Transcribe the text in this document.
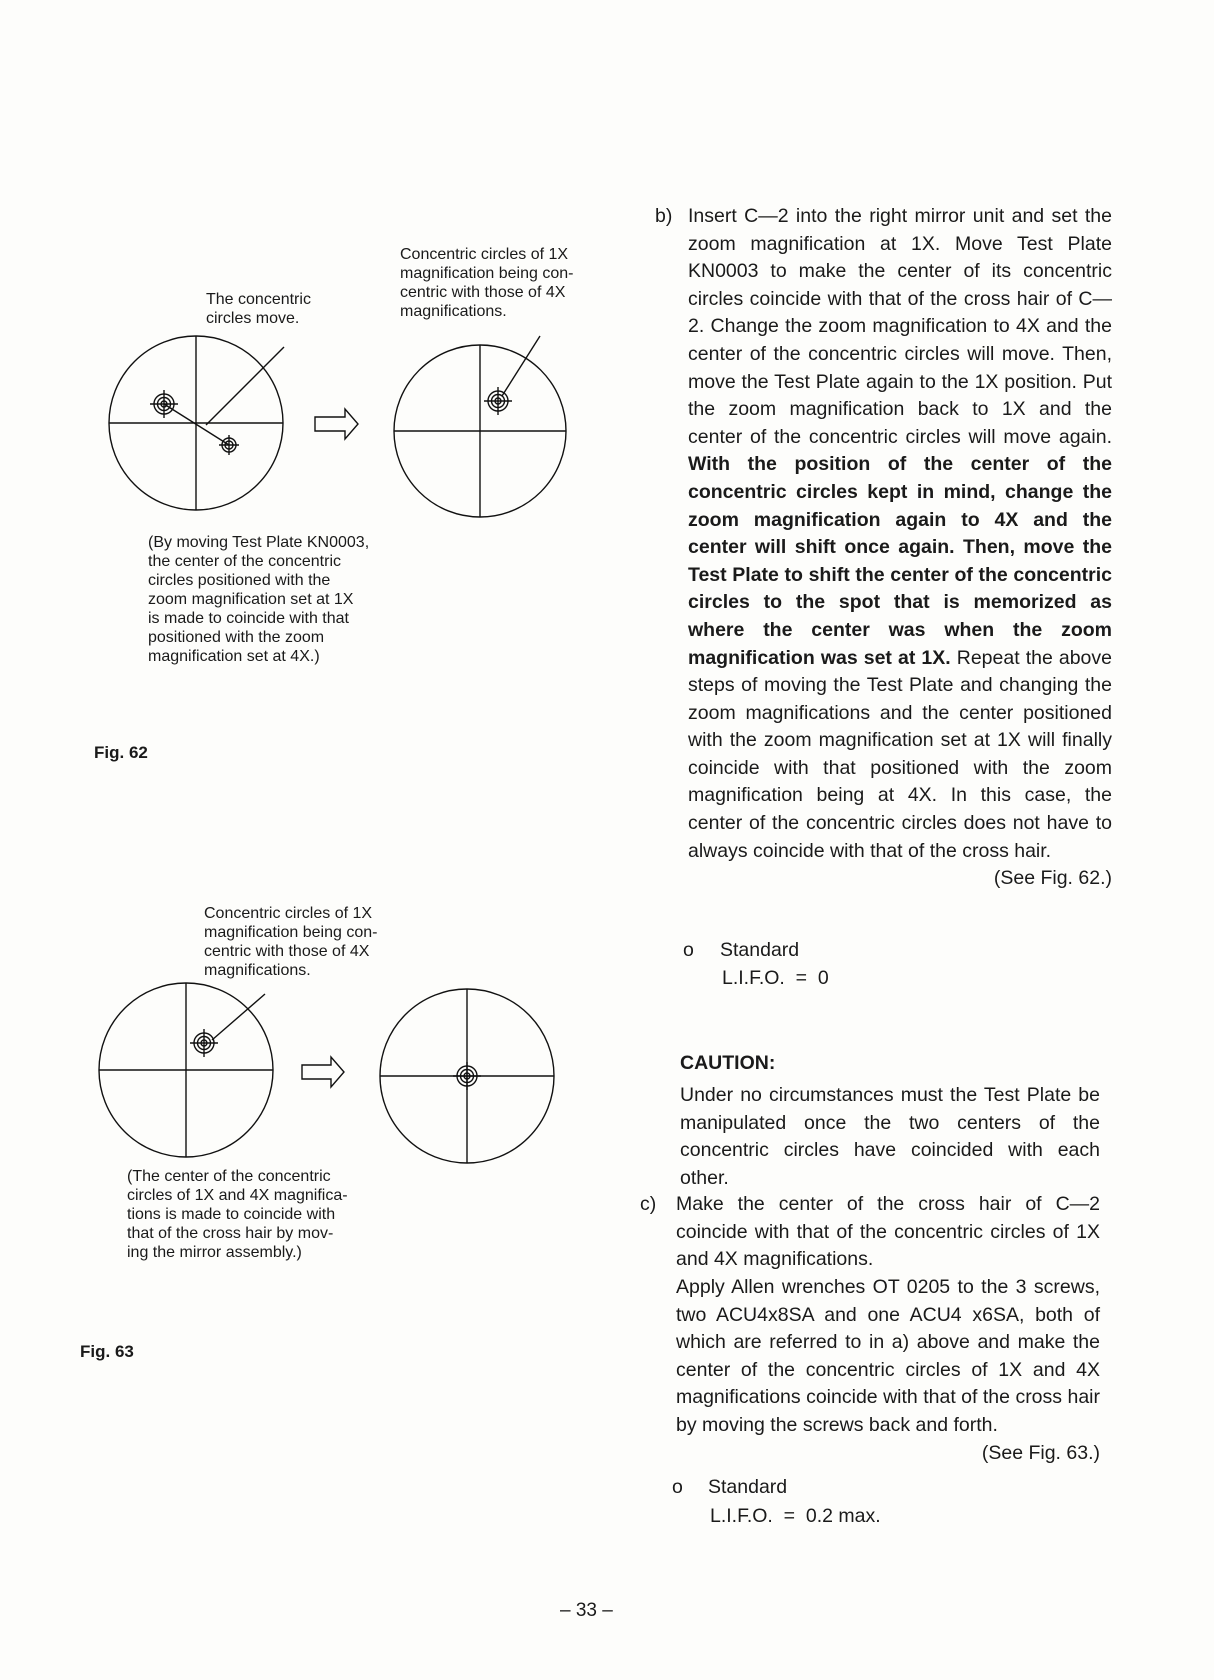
The concentric
circles move.
Concentric circles of 1X
magnification being con-
centric with those of 4X
magnifications.
(By moving Test Plate KN0003,
the center of the concentric
circles positioned with the
zoom magnification set at 1X
is made to coincide with that
positioned with the zoom
magnification set at 4X.)
Fig. 62
Concentric circles of 1X
magnification being con-
centric with those of 4X
magnifications.
(The center of the concentric
circles of 1X and 4X magnifica-
tions is made to coincide with
that of the cross hair by mov-
ing the mirror assembly.)
Fig. 63
b) Insert C—2 into the right mirror unit and set the zoom magnification at 1X. Move Test Plate KN0003 to make the center of its concentric circles coincide with that of the cross hair of C—2. Change the zoom magnification to 4X and the center of the concentric circles will move. Then, move the Test Plate again to the 1X position. Put the zoom magnification back to 1X and the center of the concentric circles will move again. With the position of the center of the concentric circles kept in mind, change the zoom magnification again to 4X and the center will shift once again. Then, move the Test Plate to shift the center of the concentric circles to the spot that is memorized as where the center was when the zoom magnification was set at 1X. Repeat the above steps of moving the Test Plate and changing the zoom magnifications and the center positioned with the zoom magnification set at 1X will finally coincide with that positioned with the zoom magnification being at 4X. In this case, the center of the concentric circles does not have to always coincide with that of the cross hair.
(See Fig. 62.)
o Standard
L.I.F.O.  =  0
CAUTION:
Under no circumstances must the Test Plate be manipulated once the two centers of the concentric circles have coincided with each other.
c) Make the center of the cross hair of C—2 coincide with that of the concentric circles of 1X and 4X magnifications.
Apply Allen wrenches OT 0205 to the 3 screws, two ACU4x8SA and one ACU4 x6SA, both of which are referred to in a) above and make the center of the concentric circles of 1X and 4X magnifications coincide with that of the cross hair by moving the screws back and forth.
(See Fig. 63.)
o Standard
L.I.F.O.  =  0.2 max.
– 33 –
